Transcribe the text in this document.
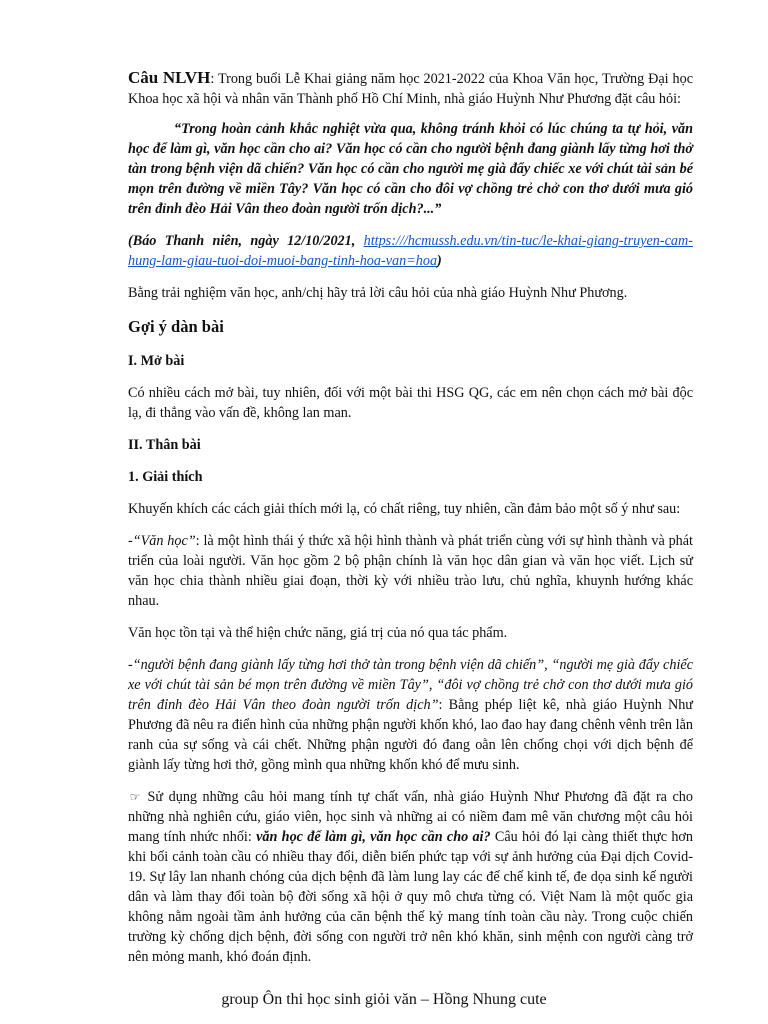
Câu NLVH: Trong buổi Lễ Khai giảng năm học 2021-2022 của Khoa Văn học, Trường Đại học Khoa học xã hội và nhân văn Thành phố Hồ Chí Minh, nhà giáo Huỳnh Như Phương đặt câu hỏi:

“Trong hoàn cảnh khắc nghiệt vừa qua, không tránh khỏi có lúc chúng ta tự hỏi, văn học để làm gì, văn học cần cho ai? Văn học có cần cho người bệnh đang giành lấy từng hơi thở tàn trong bệnh viện dã chiến? Văn học có cần cho người mẹ già đẩy chiếc xe với chút tài sản bé mọn trên đường về miền Tây? Văn học có cần cho đôi vợ chồng trẻ chở con thơ dưới mưa gió trên đỉnh đèo Hải Vân theo đoàn người trốn dịch?...”

(Báo Thanh niên, ngày 12/10/2021, https:///hcmussh.edu.vn/tin-tuc/le-khai-giang-truyen-cam-hung-lam-giau-tuoi-doi-muoi-bang-tinh-hoa-van=hoa)

Bằng trải nghiệm văn học, anh/chị hãy trả lời câu hỏi của nhà giáo Huỳnh Như Phương.

Gợi ý dàn bài

I. Mở bài

Có nhiều cách mở bài, tuy nhiên, đối với một bài thi HSG QG, các em nên chọn cách mở bài độc lạ, đi thẳng vào vấn đề, không lan man.

II. Thân bài

1. Giải thích

Khuyến khích các cách giải thích mới lạ, có chất riêng, tuy nhiên, cần đảm bảo một số ý như sau:

-“Văn học”: là một hình thái ý thức xã hội hình thành và phát triển cùng với sự hình thành và phát triển của loài người. Văn học gồm 2 bộ phận chính là văn học dân gian và văn học viết. Lịch sử văn học chia thành nhiều giai đoạn, thời kỳ với nhiều trào lưu, chủ nghĩa, khuynh hướng khác nhau.

Văn học tồn tại và thể hiện chức năng, giá trị của nó qua tác phẩm.

-“người bệnh đang giành lấy từng hơi thở tàn trong bệnh viện dã chiến”, “người mẹ già đẩy chiếc xe với chút tài sản bé mọn trên đường về miền Tây”, “đôi vợ chồng trẻ chở con thơ dưới mưa gió trên đỉnh đèo Hải Vân theo đoàn người trốn dịch”: Bằng phép liệt kê, nhà giáo Huỳnh Như Phương đã nêu ra điển hình của những phận người khốn khó, lao đao hay đang chênh vênh trên lằn ranh của sự sống và cái chết. Những phận người đó đang oằn lên chống chọi với dịch bệnh để giành lấy từng hơi thở, gồng mình qua những khốn khó để mưu sinh.

☞ Sử dụng những câu hỏi mang tính tự chất vấn, nhà giáo Huỳnh Như Phương đã đặt ra cho những nhà nghiên cứu, giáo viên, học sinh và những ai có niềm đam mê văn chương một câu hỏi mang tính nhức nhối: văn học để làm gì, văn học cần cho ai? Câu hỏi đó lại càng thiết thực hơn khi bối cảnh toàn cầu có nhiều thay đổi, diễn biến phức tạp với sự ảnh hưởng của Đại dịch Covid-19. Sự lây lan nhanh chóng của dịch bệnh đã làm lung lay các đế chế kinh tế, đe dọa sinh kế người dân và làm thay đổi toàn bộ đời sống xã hội ở quy mô chưa từng có. Việt Nam là một quốc gia không nằm ngoài tầm ảnh hưởng của căn bệnh thế kỷ mang tính toàn cầu này. Trong cuộc chiến trường kỳ chống dịch bệnh, đời sống con người trở nên khó khăn, sinh mệnh con người càng trở nên mỏng manh, khó đoán định.

group Ôn thi học sinh giỏi văn – Hồng Nhung cute
